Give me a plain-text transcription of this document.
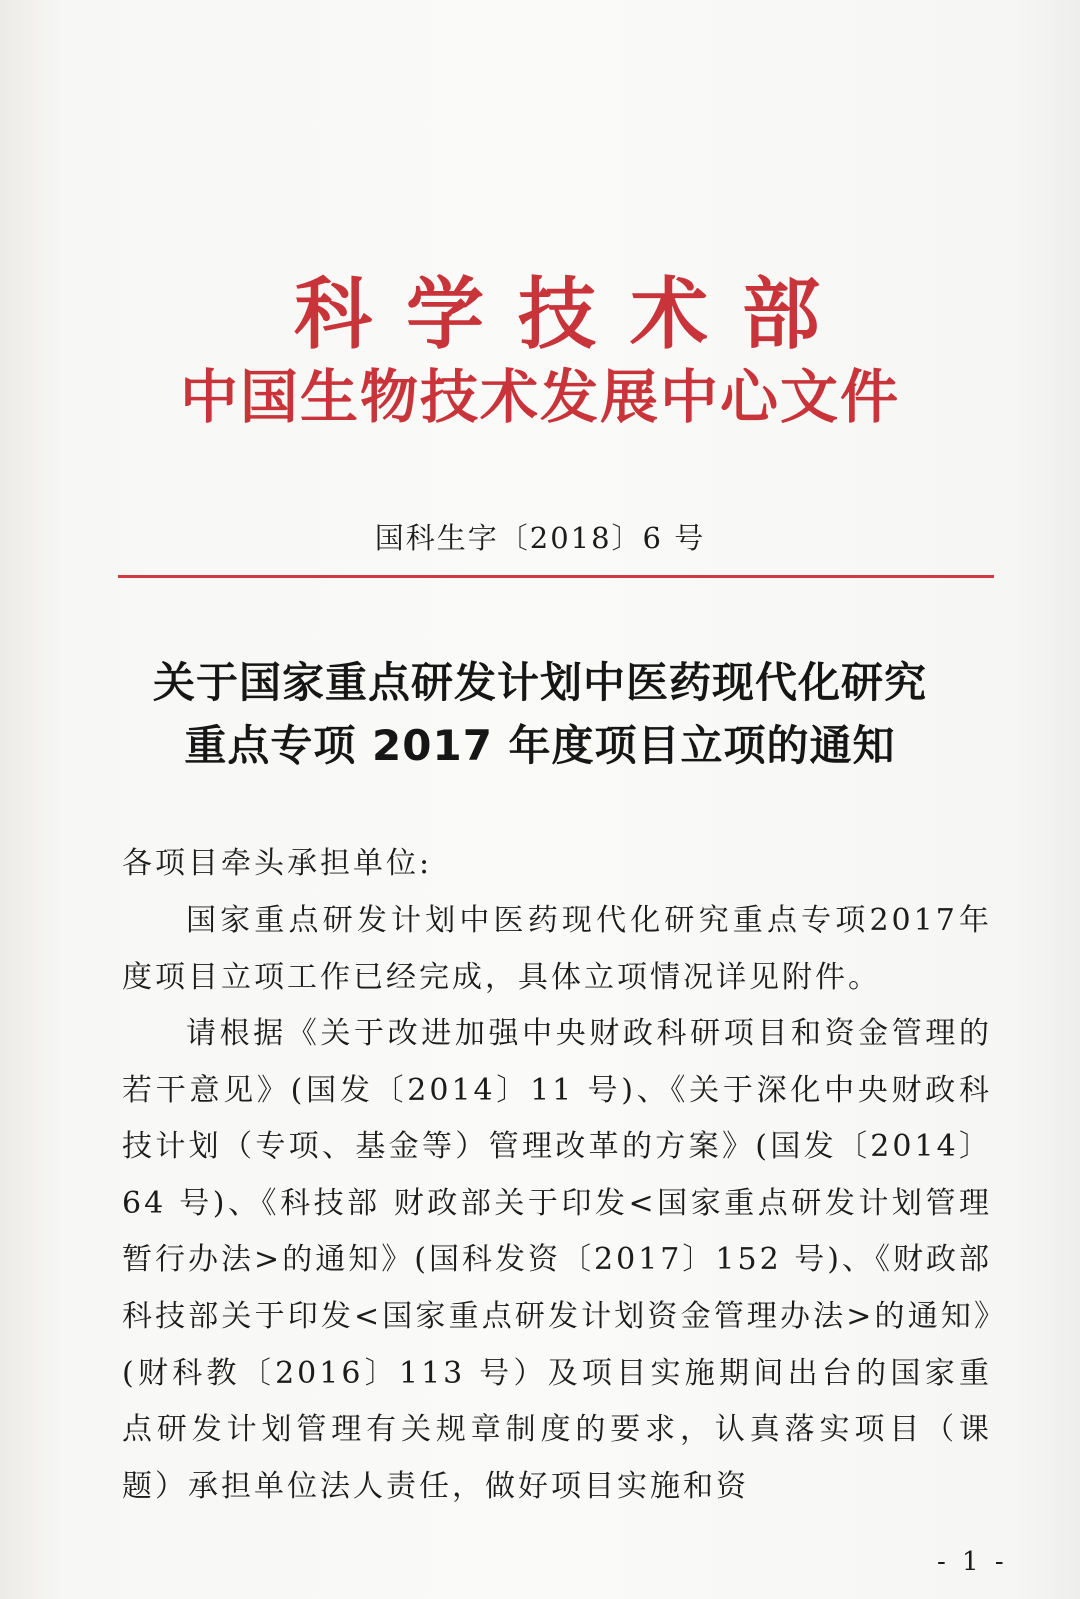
科学技术部
中国生物技术发展中心文件
国科生字〔2018〕6 号
关于国家重点研发计划中医药现代化研究
重点专项 2017 年度项目立项的通知
各项目牵头承担单位:

国家重点研发计划中医药现代化研究重点专项2017年度项目立项工作已经完成，具体立项情况详见附件。

请根据《关于改进加强中央财政科研项目和资金管理的若干意见》(国发〔2014〕11 号)、《关于深化中央财政科技计划（专项、基金等）管理改革的方案》(国发〔2014〕64 号)、《科技部 财政部关于印发<国家重点研发计划管理暂行办法>的通知》(国科发资〔2017〕152 号)、《财政部 科技部关于印发<国家重点研发计划资金管理办法>的通知》(财科教〔2016〕113 号）及项目实施期间出台的国家重点研发计划管理有关规章制度的要求，认真落实项目（课题）承担单位法人责任，做好项目实施和资

- 1 -
